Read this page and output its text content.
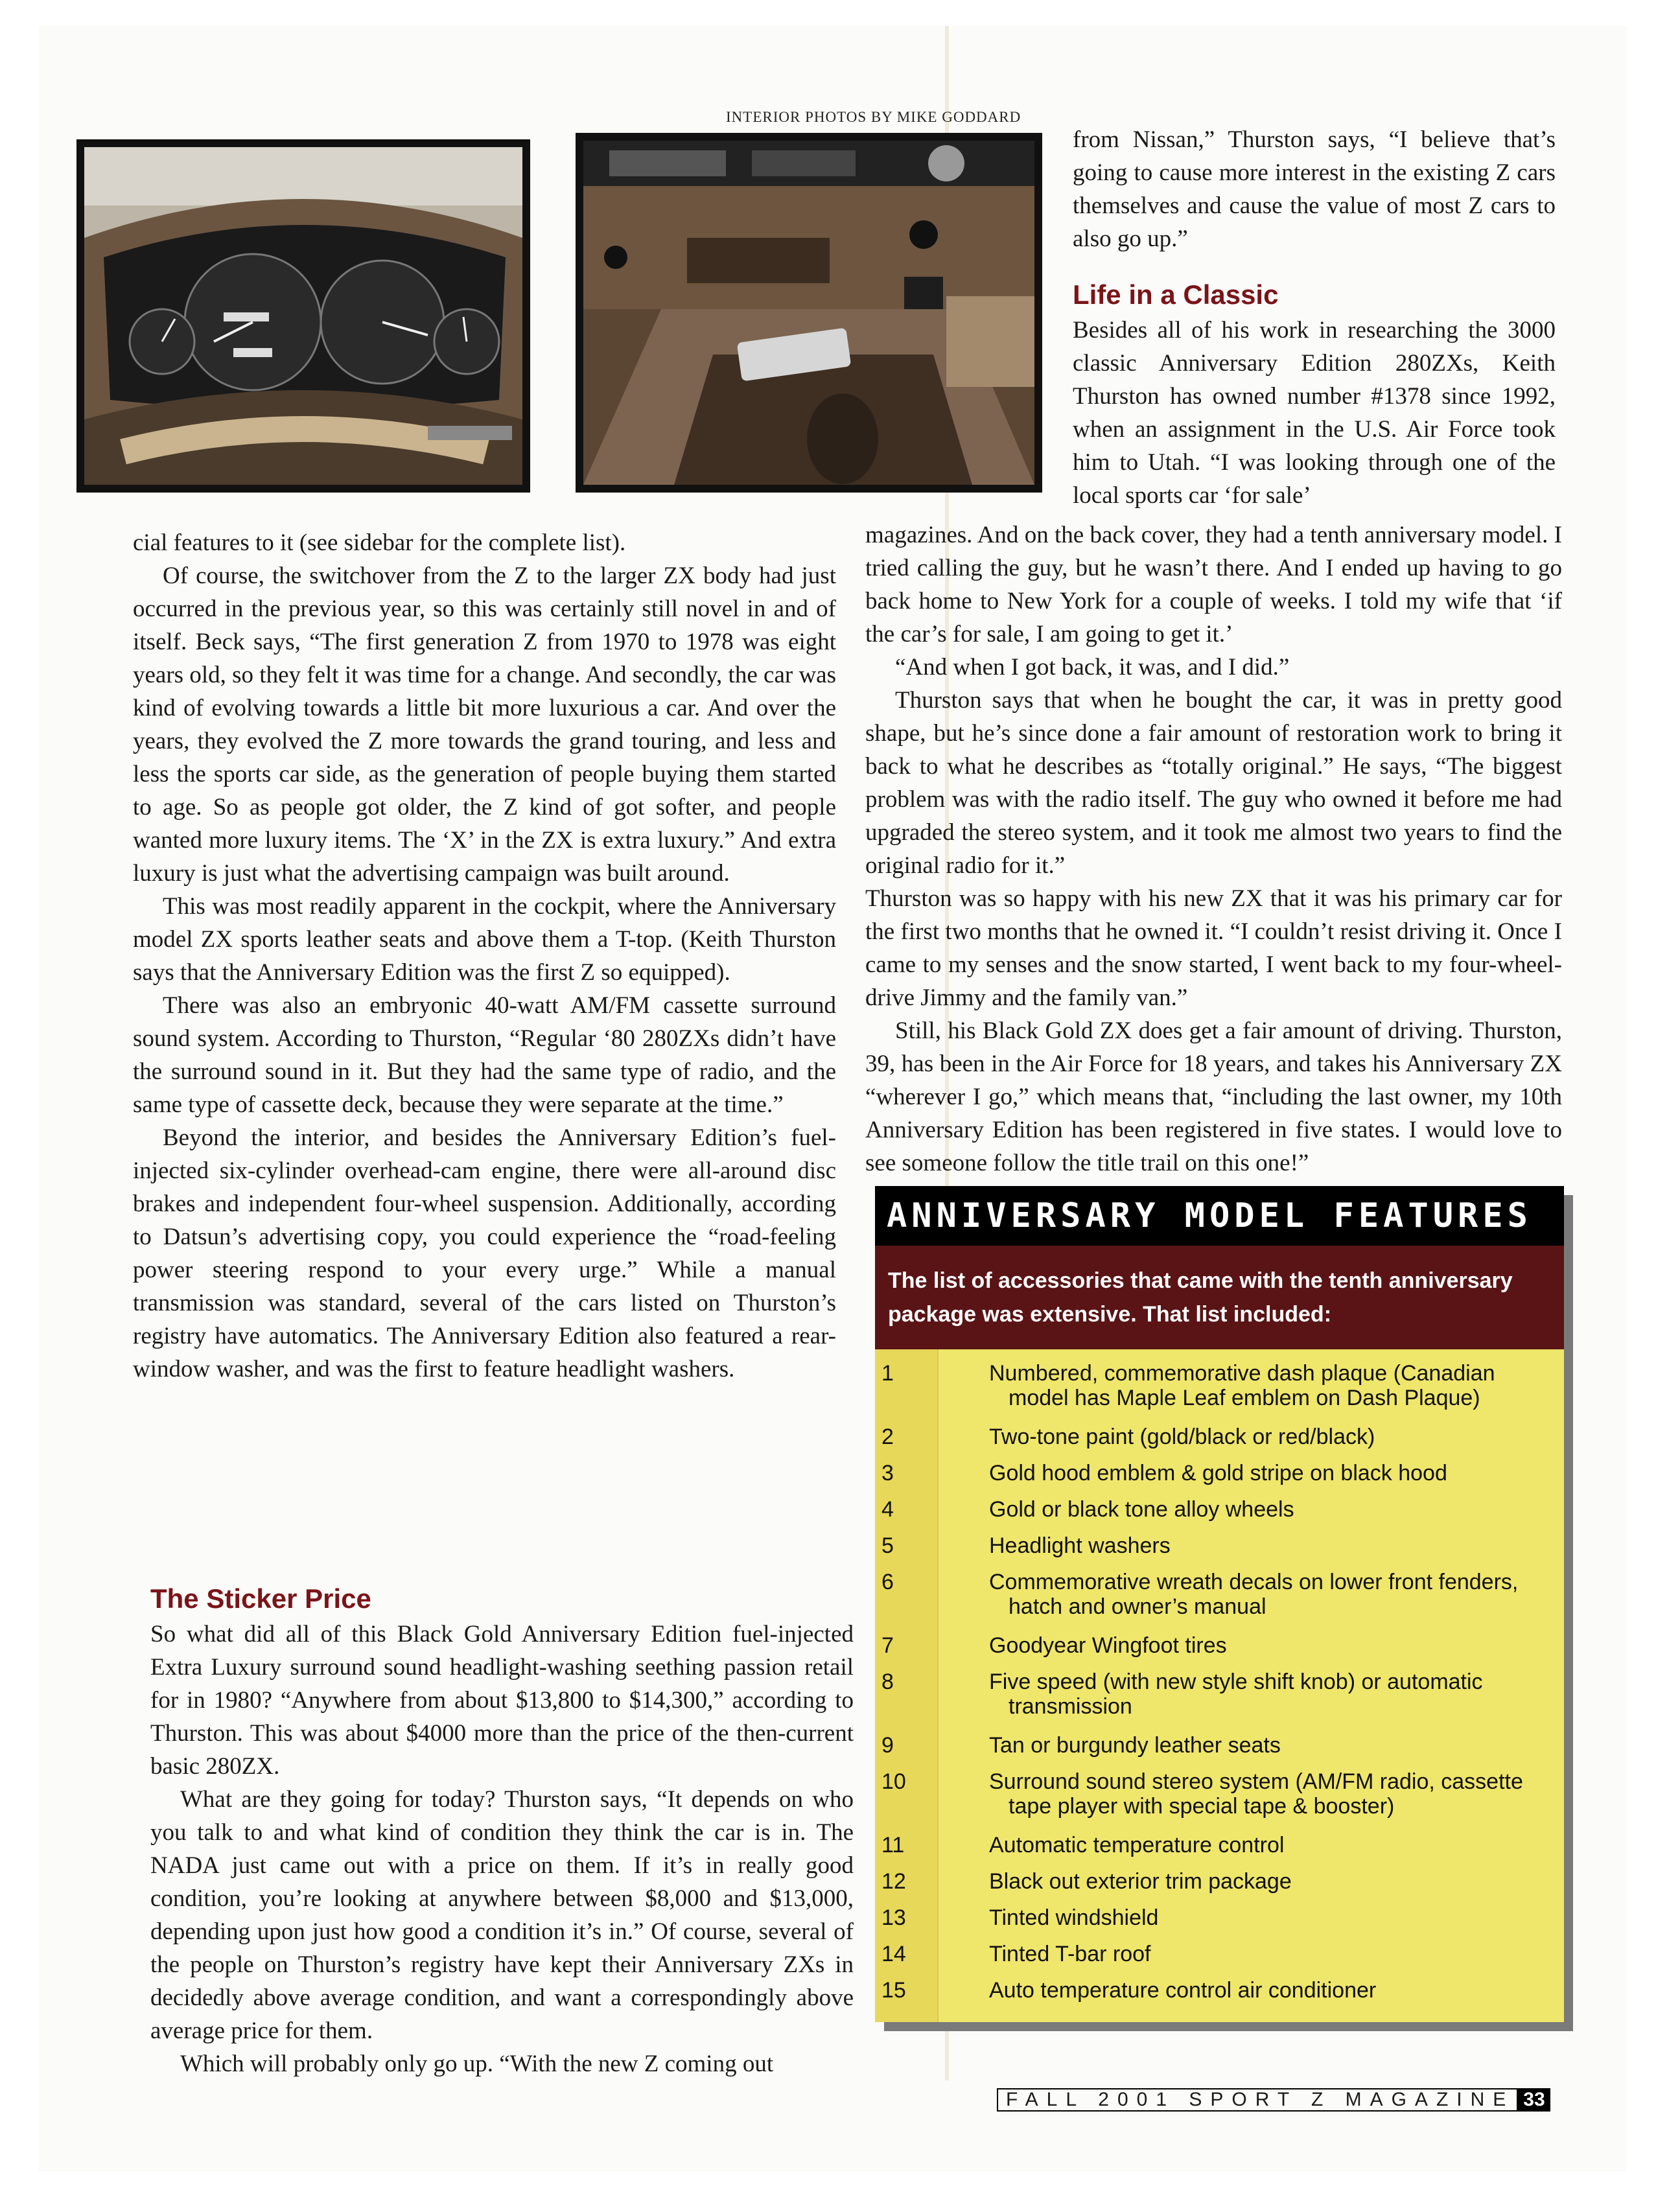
INTERIOR PHOTOS BY MIKE GODDARD

cial features to it (see sidebar for the complete list).

Of course, the switchover from the Z to the larger ZX body had just occurred in the previous year, so this was certainly still novel in and of itself. Beck says, “The first generation Z from 1970 to 1978 was eight years old, so they felt it was time for a change. And secondly, the car was kind of evolving towards a little bit more luxurious a car. And over the years, they evolved the Z more towards the grand touring, and less and less the sports car side, as the generation of people buying them started to age. So as people got older, the Z kind of got softer, and people wanted more luxury items. The ‘X’ in the ZX is extra luxury.” And extra luxury is just what the advertising campaign was built around.

This was most readily apparent in the cockpit, where the Anniversary model ZX sports leather seats and above them a T-top. (Keith Thurston says that the Anniversary Edition was the first Z so equipped).

There was also an embryonic 40-watt AM/FM cassette surround sound system. According to Thurston, “Regular ‘80 280ZXs didn’t have the surround sound in it. But they had the same type of radio, and the same type of cassette deck, because they were separate at the time.”

Beyond the interior, and besides the Anniversary Edition’s fuel-injected six-cylinder overhead-cam engine, there were all-around disc brakes and independent four-wheel suspension. Additionally, according to Datsun’s advertising copy, you could experience the “road-feeling power steering respond to your every urge.” While a manual transmission was standard, several of the cars listed on Thurston’s registry have automatics. The Anniversary Edition also featured a rear-window washer, and was the first to feature headlight washers.

The Sticker Price

So what did all of this Black Gold Anniversary Edition fuel-injected Extra Luxury surround sound headlight-washing seething passion retail for in 1980? “Anywhere from about $13,800 to $14,300,” according to Thurston. This was about $4000 more than the price of the then-current basic 280ZX.

What are they going for today? Thurston says, “It depends on who you talk to and what kind of condition they think the car is in. The NADA just came out with a price on them. If it’s in really good condition, you’re looking at anywhere between $8,000 and $13,000, depending upon just how good a condition it’s in.” Of course, several of the people on Thurston’s registry have kept their Anniversary ZXs in decidedly above average condition, and want a correspondingly above average price for them.

Which will probably only go up. “With the new Z coming out

from Nissan,” Thurston says, “I believe that’s going to cause more interest in the existing Z cars themselves and cause the value of most Z cars to also go up.”

Life in a Classic

Besides all of his work in researching the 3000 classic Anniversary Edition 280ZXs, Keith Thurston has owned number #1378 since 1992, when an assignment in the U.S. Air Force took him to Utah. “I was looking through one of the local sports car ‘for sale’

magazines. And on the back cover, they had a tenth anniversary model. I tried calling the guy, but he wasn’t there. And I ended up having to go back home to New York for a couple of weeks. I told my wife that ‘if the car’s for sale, I am going to get it.’

“And when I got back, it was, and I did.”

Thurston says that when he bought the car, it was in pretty good shape, but he’s since done a fair amount of restoration work to bring it back to what he describes as “totally original.” He says, “The biggest problem was with the radio itself. The guy who owned it before me had upgraded the stereo system, and it took me almost two years to find the original radio for it.”

Thurston was so happy with his new ZX that it was his primary car for the first two months that he owned it. “I couldn’t resist driving it. Once I came to my senses and the snow started, I went back to my four-wheel-drive Jimmy and the family van.”

Still, his Black Gold ZX does get a fair amount of driving. Thurston, 39, has been in the Air Force for 18 years, and takes his Anniversary ZX “wherever I go,” which means that, “including the last owner, my 10th Anniversary Edition has been registered in five states. I would love to see someone follow the title trail on this one!”

ANNIVERSARY MODEL FEATURES
The list of accessories that came with the tenth anniversary package was extensive. That list included:
1	Numbered, commemorative dash plaque (Canadian
model has Maple Leaf emblem on Dash Plaque)
2	Two-tone paint (gold/black or red/black)
3	Gold hood emblem & gold stripe on black hood
4	Gold or black tone alloy wheels
5	Headlight washers
6	Commemorative wreath decals on lower front fenders,
hatch and owner’s manual
7	Goodyear Wingfoot tires
8	Five speed (with new style shift knob) or automatic
transmission
9	Tan or burgundy leather seats
10	Surround sound stereo system (AM/FM radio, cassette
tape player with special tape & booster)
11	Automatic temperature control
12	Black out exterior trim package
13	Tinted windshield
14	Tinted T-bar roof
15	Auto temperature control air conditioner
FALL 2001 SPORT Z MAGAZINE 33
